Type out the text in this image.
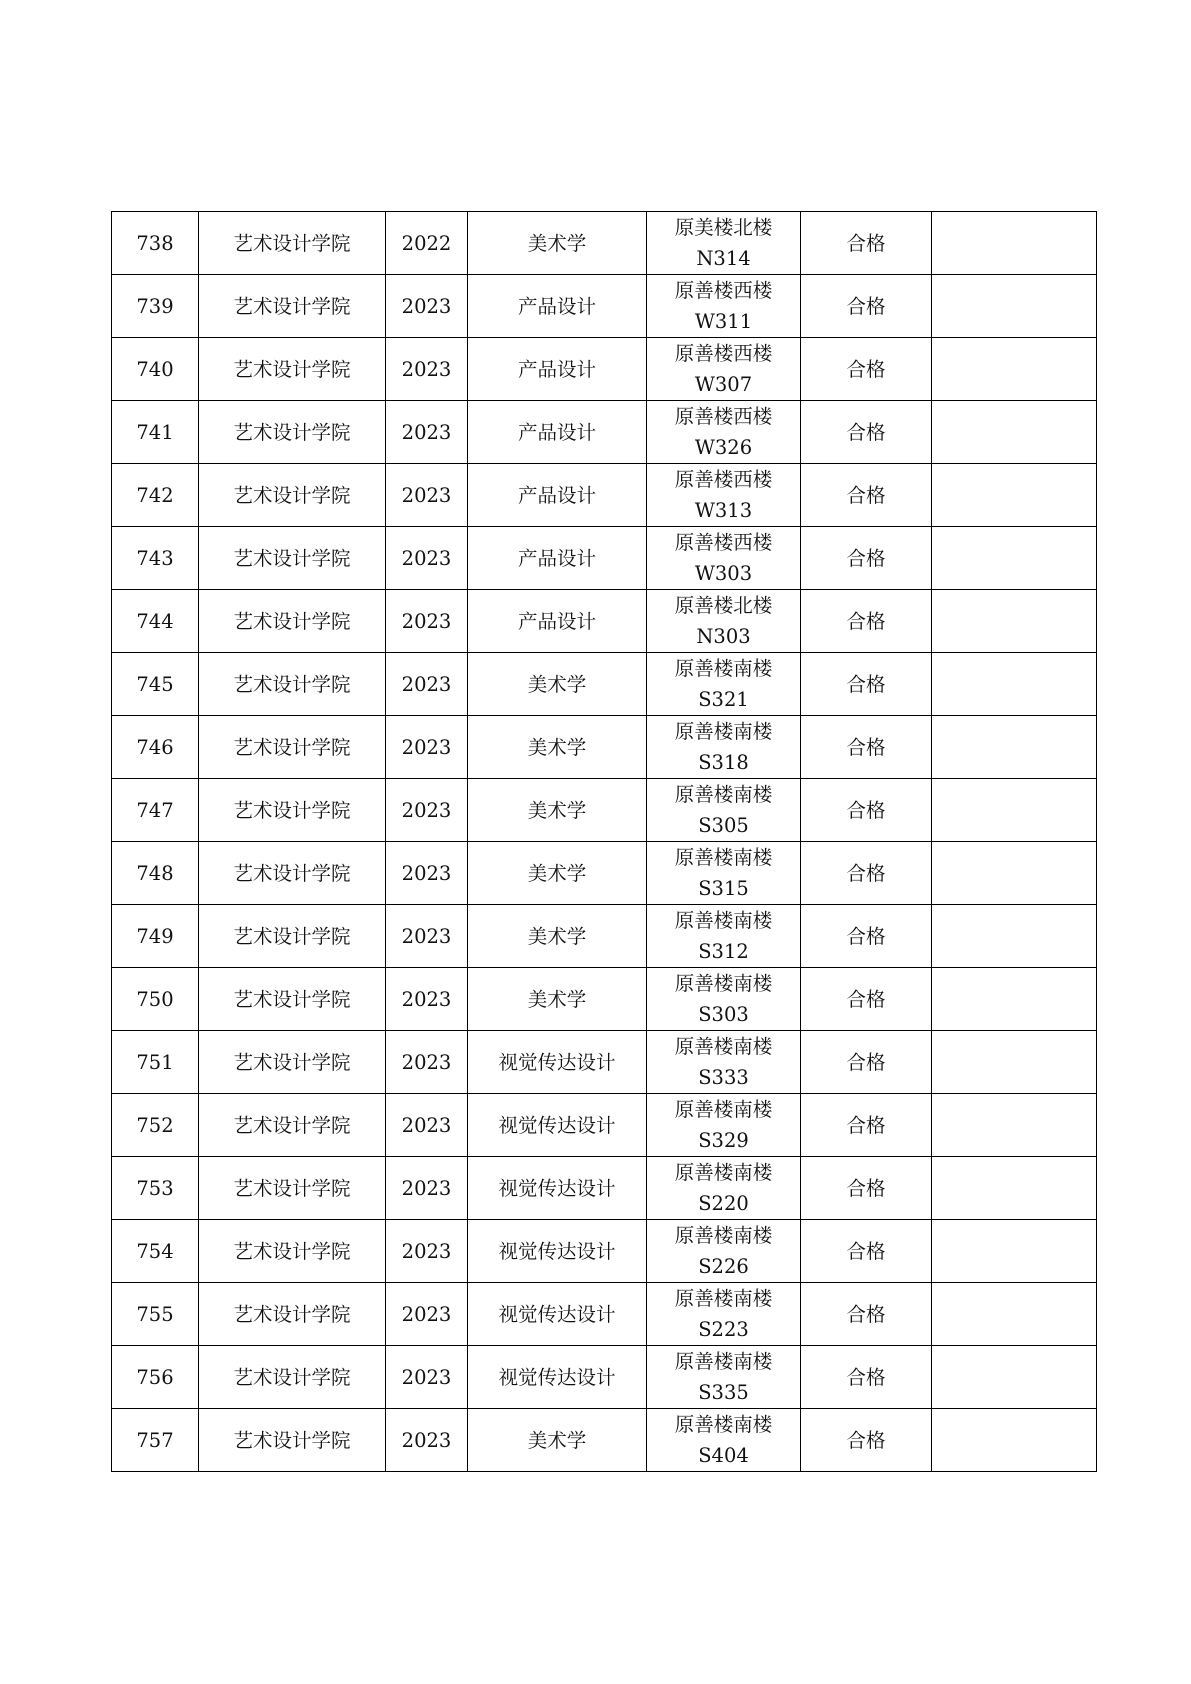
738	艺术设计学院	2022	美术学	原美楼北楼
N314	合格	
739	艺术设计学院	2023	产品设计	原善楼西楼
W311	合格	
740	艺术设计学院	2023	产品设计	原善楼西楼
W307	合格	
741	艺术设计学院	2023	产品设计	原善楼西楼
W326	合格	
742	艺术设计学院	2023	产品设计	原善楼西楼
W313	合格	
743	艺术设计学院	2023	产品设计	原善楼西楼
W303	合格	
744	艺术设计学院	2023	产品设计	原善楼北楼
N303	合格	
745	艺术设计学院	2023	美术学	原善楼南楼
S321	合格	
746	艺术设计学院	2023	美术学	原善楼南楼
S318	合格	
747	艺术设计学院	2023	美术学	原善楼南楼
S305	合格	
748	艺术设计学院	2023	美术学	原善楼南楼
S315	合格	
749	艺术设计学院	2023	美术学	原善楼南楼
S312	合格	
750	艺术设计学院	2023	美术学	原善楼南楼
S303	合格	
751	艺术设计学院	2023	视觉传达设计	原善楼南楼
S333	合格	
752	艺术设计学院	2023	视觉传达设计	原善楼南楼
S329	合格	
753	艺术设计学院	2023	视觉传达设计	原善楼南楼
S220	合格	
754	艺术设计学院	2023	视觉传达设计	原善楼南楼
S226	合格	
755	艺术设计学院	2023	视觉传达设计	原善楼南楼
S223	合格	
756	艺术设计学院	2023	视觉传达设计	原善楼南楼
S335	合格	
757	艺术设计学院	2023	美术学	原善楼南楼
S404	合格	
